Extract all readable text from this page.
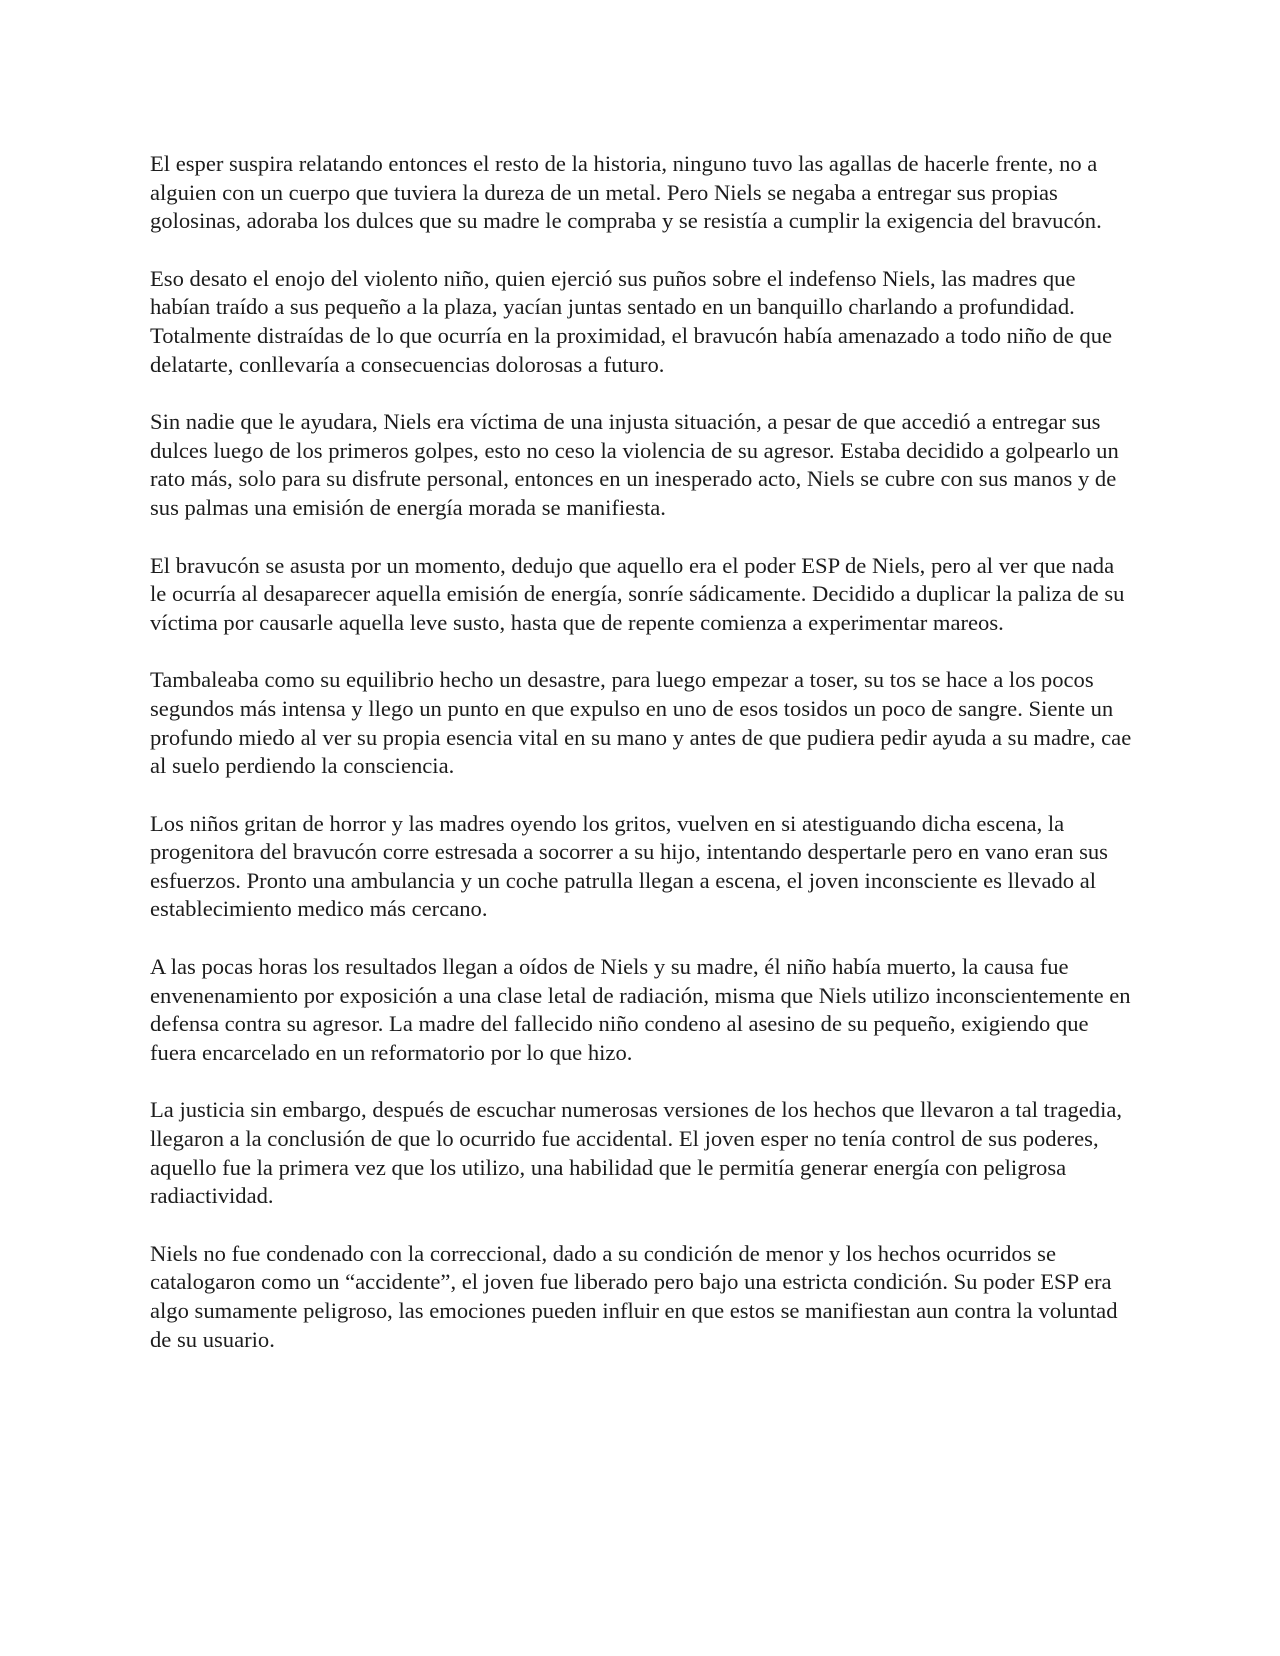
El esper suspira relatando entonces el resto de la historia, ninguno tuvo las agallas de hacerle frente, no a alguien con un cuerpo que tuviera la dureza de un metal. Pero Niels se negaba a entregar sus propias golosinas, adoraba los dulces que su madre le compraba y se resistía a cumplir la exigencia del bravucón.

Eso desato el enojo del violento niño, quien ejerció sus puños sobre el indefenso Niels, las madres que habían traído a sus pequeño a la plaza, yacían juntas sentado en un banquillo charlando a profundidad. Totalmente distraídas de lo que ocurría en la proximidad, el bravucón había amenazado a todo niño de que delatarte, conllevaría a consecuencias dolorosas a futuro.

Sin nadie que le ayudara, Niels era víctima de una injusta situación, a pesar de que accedió a entregar sus dulces luego de los primeros golpes, esto no ceso la violencia de su agresor. Estaba decidido a golpearlo un rato más, solo para su disfrute personal, entonces en un inesperado acto, Niels se cubre con sus manos y de sus palmas una emisión de energía morada se manifiesta.

El bravucón se asusta por un momento, dedujo que aquello era el poder ESP de Niels, pero al ver que nada le ocurría al desaparecer aquella emisión de energía, sonríe sádicamente. Decidido a duplicar la paliza de su víctima por causarle aquella leve susto, hasta que de repente comienza a experimentar mareos.

Tambaleaba como su equilibrio hecho un desastre, para luego empezar a toser, su tos se hace a los pocos segundos más intensa y llego un punto en que expulso en uno de esos tosidos un poco de sangre. Siente un profundo miedo al ver su propia esencia vital en su mano y antes de que pudiera pedir ayuda a su madre, cae al suelo perdiendo la consciencia.

Los niños gritan de horror y las madres oyendo los gritos, vuelven en si atestiguando dicha escena, la progenitora del bravucón corre estresada a socorrer a su hijo, intentando despertarle pero en vano eran sus esfuerzos. Pronto una ambulancia y un coche patrulla llegan a escena, el joven inconsciente es llevado al establecimiento medico más cercano.

A las pocas horas los resultados llegan a oídos de Niels y su madre, él niño había muerto, la causa fue envenenamiento por exposición a una clase letal de radiación, misma que Niels utilizo inconscientemente en defensa contra su agresor. La madre del fallecido niño condeno al asesino de su pequeño, exigiendo que fuera encarcelado en un reformatorio por lo que hizo.

La justicia sin embargo, después de escuchar numerosas versiones de los hechos que llevaron a tal tragedia, llegaron a la conclusión de que lo ocurrido fue accidental. El joven esper no tenía control de sus poderes, aquello fue la primera vez que los utilizo, una habilidad que le permitía generar energía con peligrosa radiactividad.

Niels no fue condenado con la correccional, dado a su condición de menor y los hechos ocurridos se catalogaron como un “accidente”, el joven fue liberado pero bajo una estricta condición. Su poder ESP era algo sumamente peligroso, las emociones pueden influir en que estos se manifiestan aun contra la voluntad de su usuario.
